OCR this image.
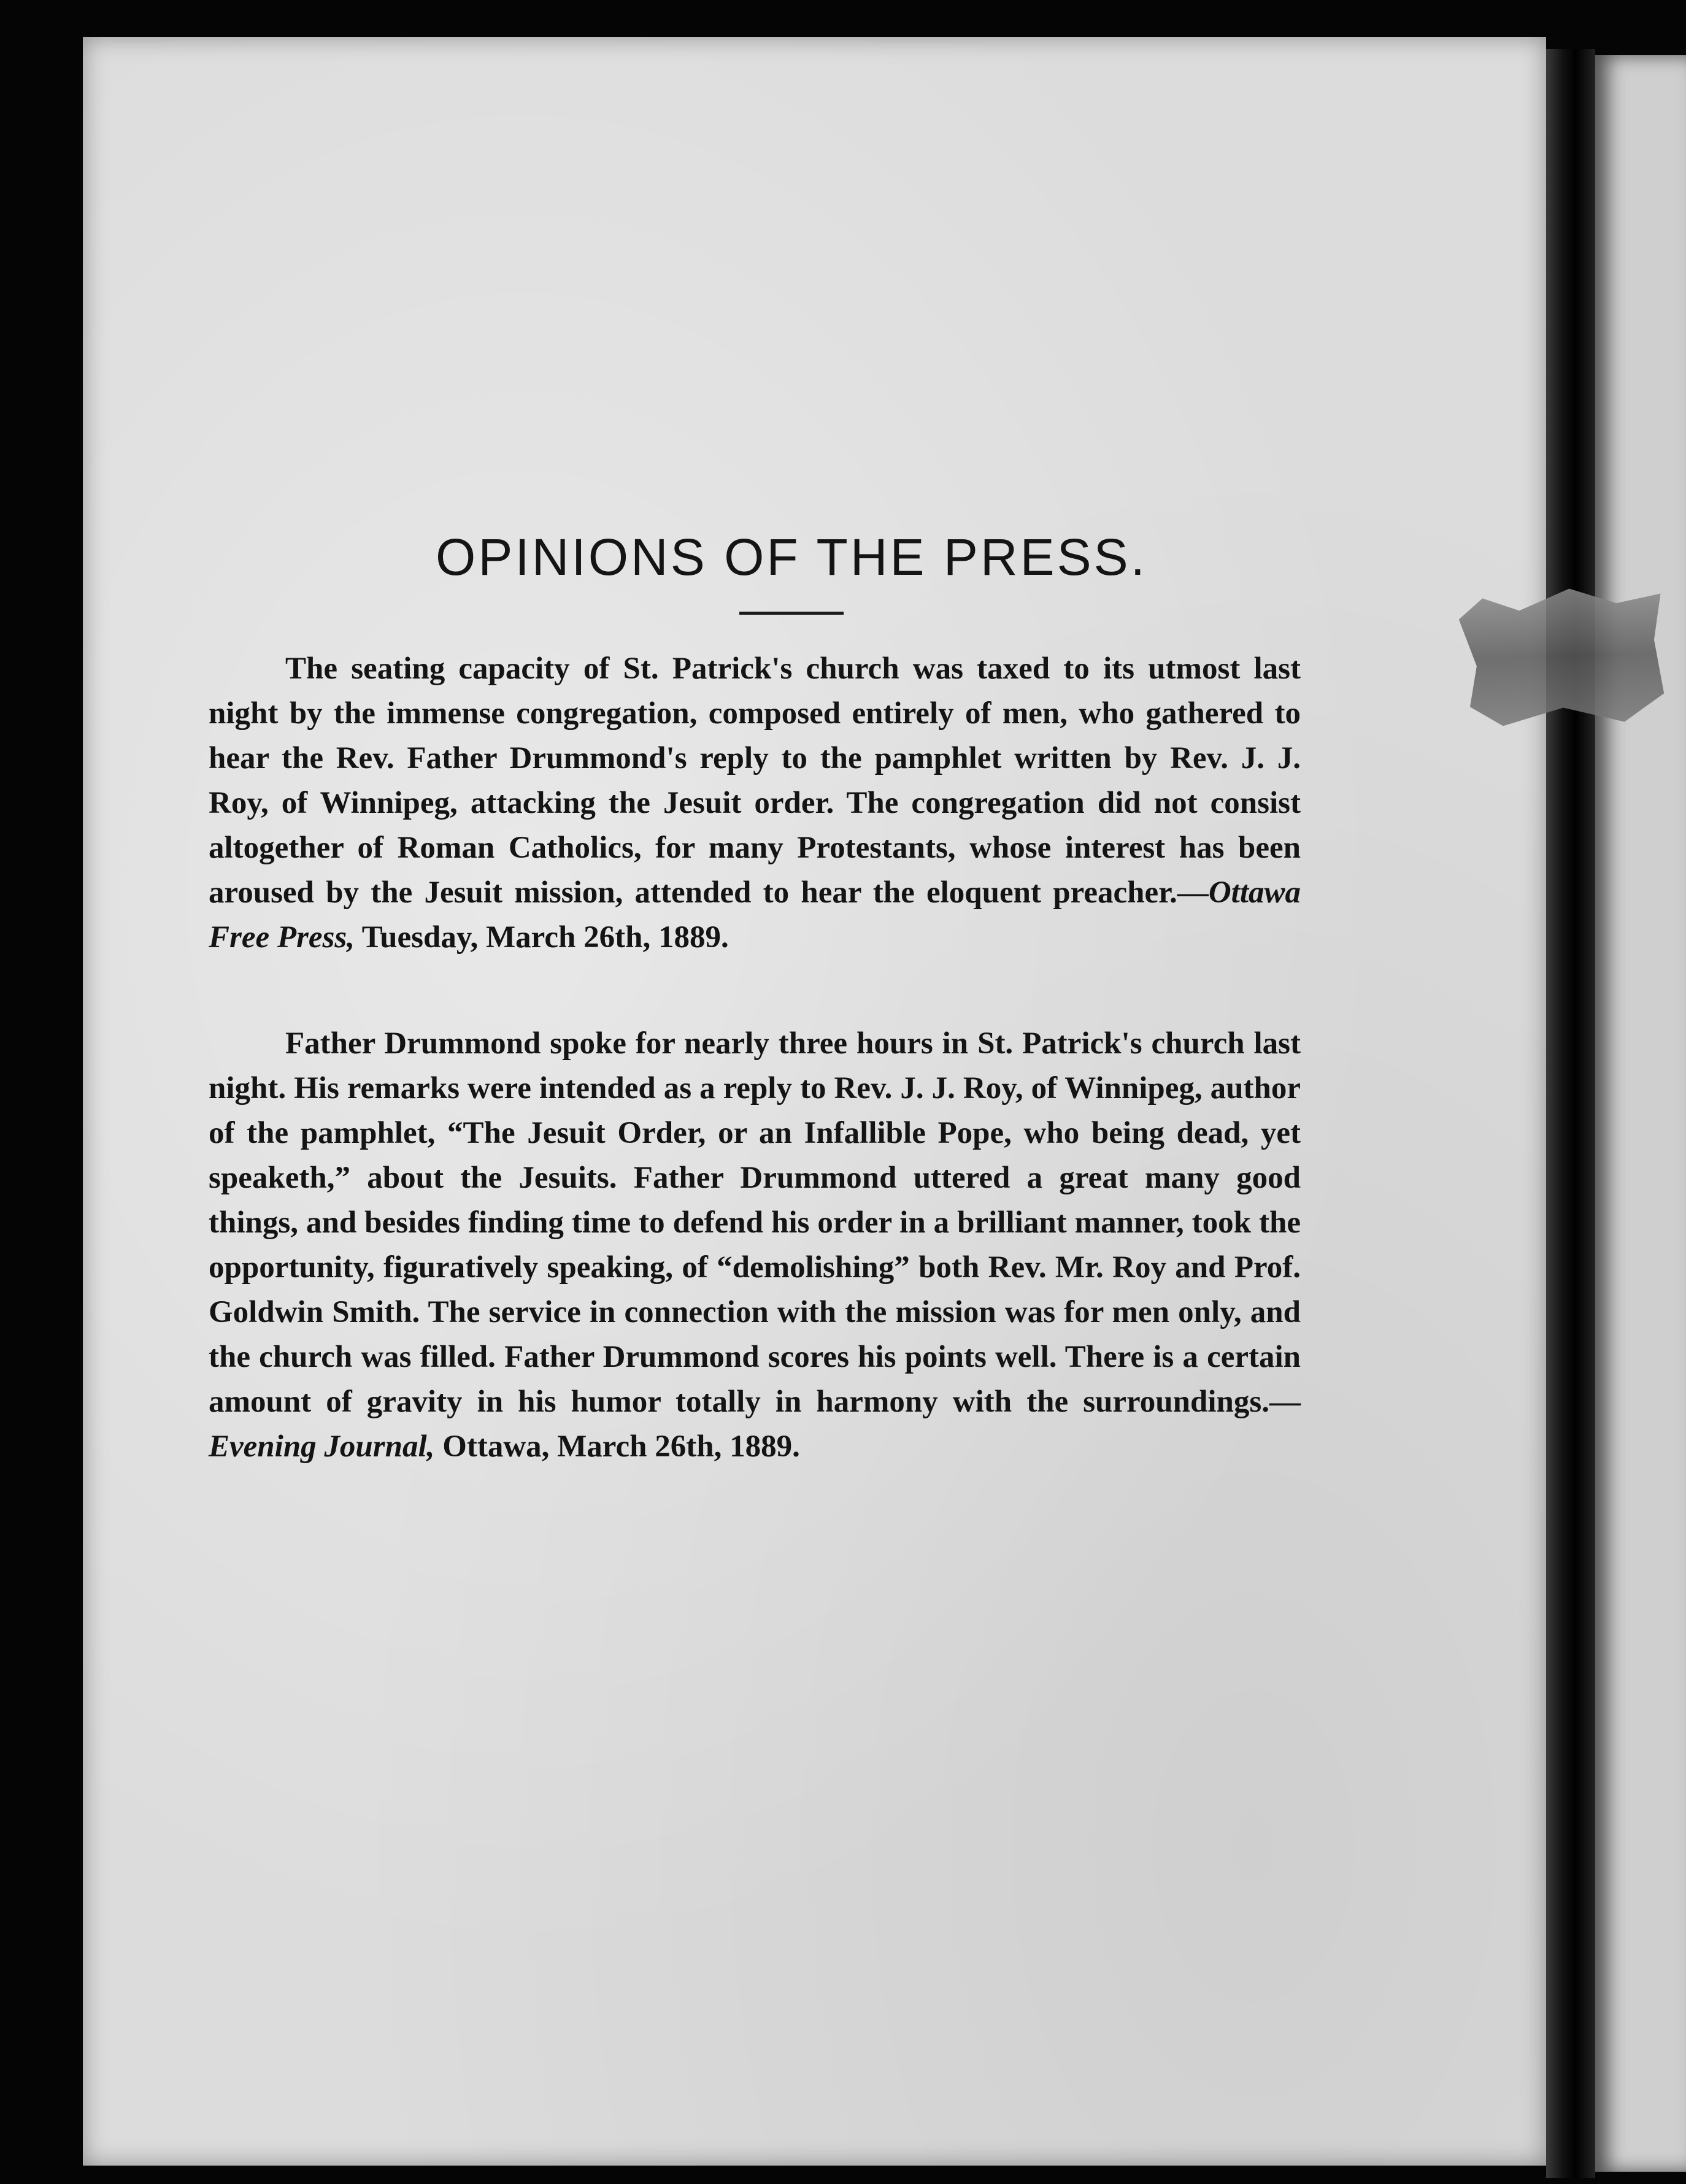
OPINIONS OF THE PRESS.

The seating capacity of St. Patrick's church was taxed to its utmost last night by the immense congregation, composed entirely of men, who gathered to hear the Rev. Father Drummond's reply to the pamphlet written by Rev. J. J. Roy, of Winnipeg, attacking the Jesuit order. The congregation did not consist altogether of Roman Catholics, for many Protestants, whose interest has been aroused by the Jesuit mission, attended to hear the eloquent preacher.—Ottawa Free Press, Tuesday, March 26th, 1889.

Father Drummond spoke for nearly three hours in St. Patrick's church last night. His remarks were intended as a reply to Rev. J. J. Roy, of Winnipeg, author of the pamphlet, “The Jesuit Order, or an Infallible Pope, who being dead, yet speaketh,” about the Jesuits. Father Drummond uttered a great many good things, and besides finding time to defend his order in a brilliant manner, took the opportunity, figuratively speaking, of “demolishing” both Rev. Mr. Roy and Prof. Goldwin Smith. The service in connection with the mission was for men only, and the church was filled. Father Drummond scores his points well. There is a certain amount of gravity in his humor totally in harmony with the surroundings.—Evening Journal, Ottawa, March 26th, 1889.
